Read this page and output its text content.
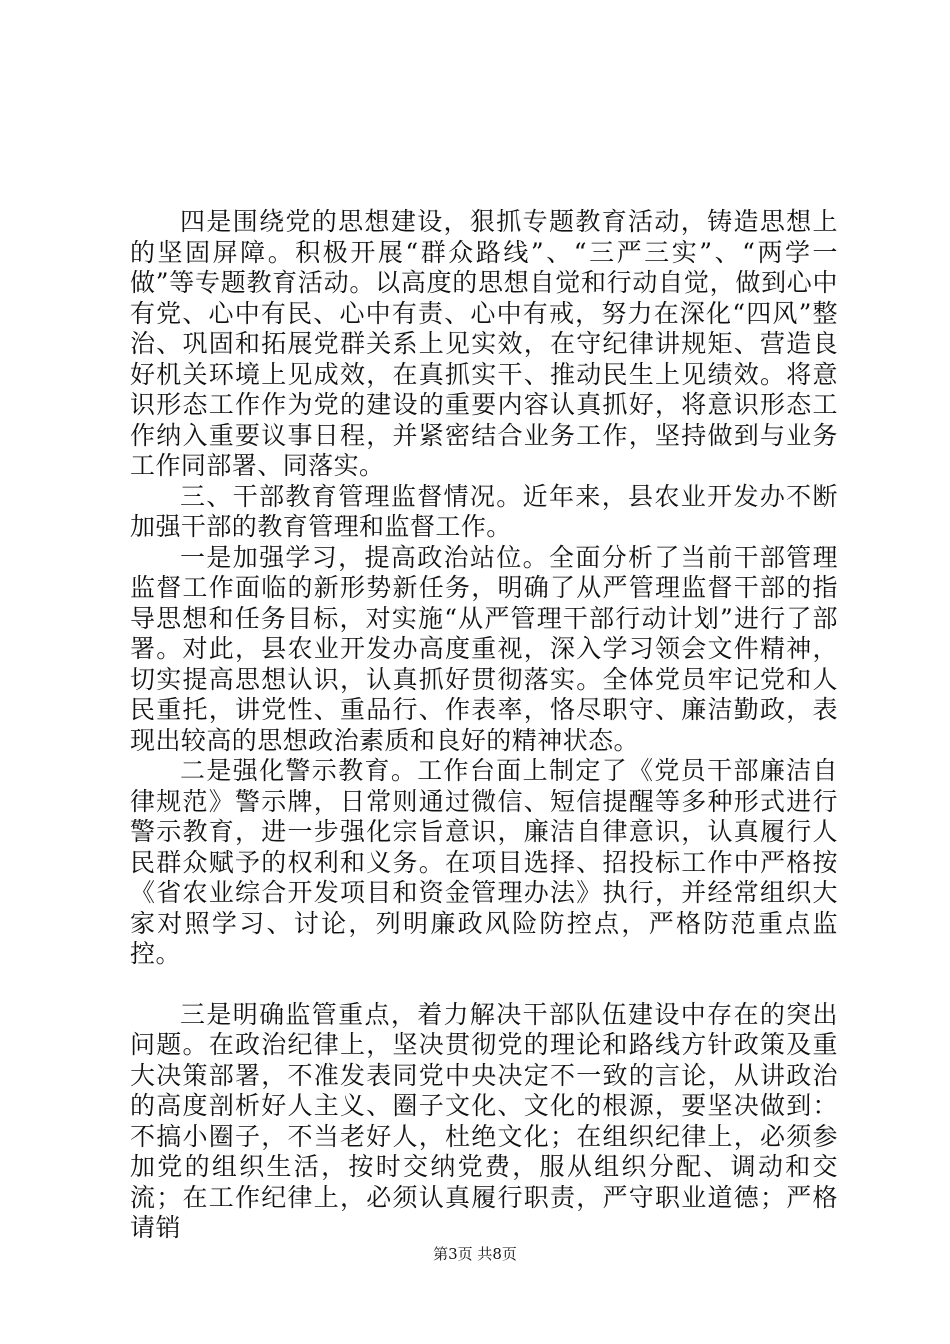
四是围绕党的思想建设，狠抓专题教育活动，铸造思想上的坚固屏障。积极开展“群众路线”、“三严三实”、“两学一做”等专题教育活动。以高度的思想自觉和行动自觉，做到心中有党、心中有民、心中有责、心中有戒，努力在深化“四风”整治、巩固和拓展党群关系上见实效，在守纪律讲规矩、营造良好机关环境上见成效，在真抓实干、推动民生上见绩效。将意识形态工作作为党的建设的重要内容认真抓好，将意识形态工作纳入重要议事日程，并紧密结合业务工作，坚持做到与业务工作同部署、同落实。

三、干部教育管理监督情况。近年来，县农业开发办不断加强干部的教育管理和监督工作。

一是加强学习，提高政治站位。全面分析了当前干部管理监督工作面临的新形势新任务，明确了从严管理监督干部的指导思想和任务目标，对实施“从严管理干部行动计划”进行了部署。对此，县农业开发办高度重视，深入学习领会文件精神，切实提高思想认识，认真抓好贯彻落实。全体党员牢记党和人民重托，讲党性、重品行、作表率，恪尽职守、廉洁勤政，表现出较高的思想政治素质和良好的精神状态。

二是强化警示教育。工作台面上制定了《党员干部廉洁自律规范》警示牌，日常则通过微信、短信提醒等多种形式进行警示教育，进一步强化宗旨意识，廉洁自律意识，认真履行人民群众赋予的权利和义务。在项目选择、招投标工作中严格按《省农业综合开发项目和资金管理办法》执行，并经常组织大家对照学习、讨论，列明廉政风险防控点，严格防范重点监控。

三是明确监管重点，着力解决干部队伍建设中存在的突出问题。在政治纪律上，坚决贯彻党的理论和路线方针政策及重大决策部署，不准发表同党中央决定不一致的言论，从讲政治的高度剖析好人主义、圈子文化、文化的根源，要坚决做到：不搞小圈子，不当老好人，杜绝文化；在组织纪律上，必须参加党的组织生活，按时交纳党费，服从组织分配、调动和交流；在工作纪律上，必须认真履行职责，严守职业道德；严格请销

第3页 共8页
